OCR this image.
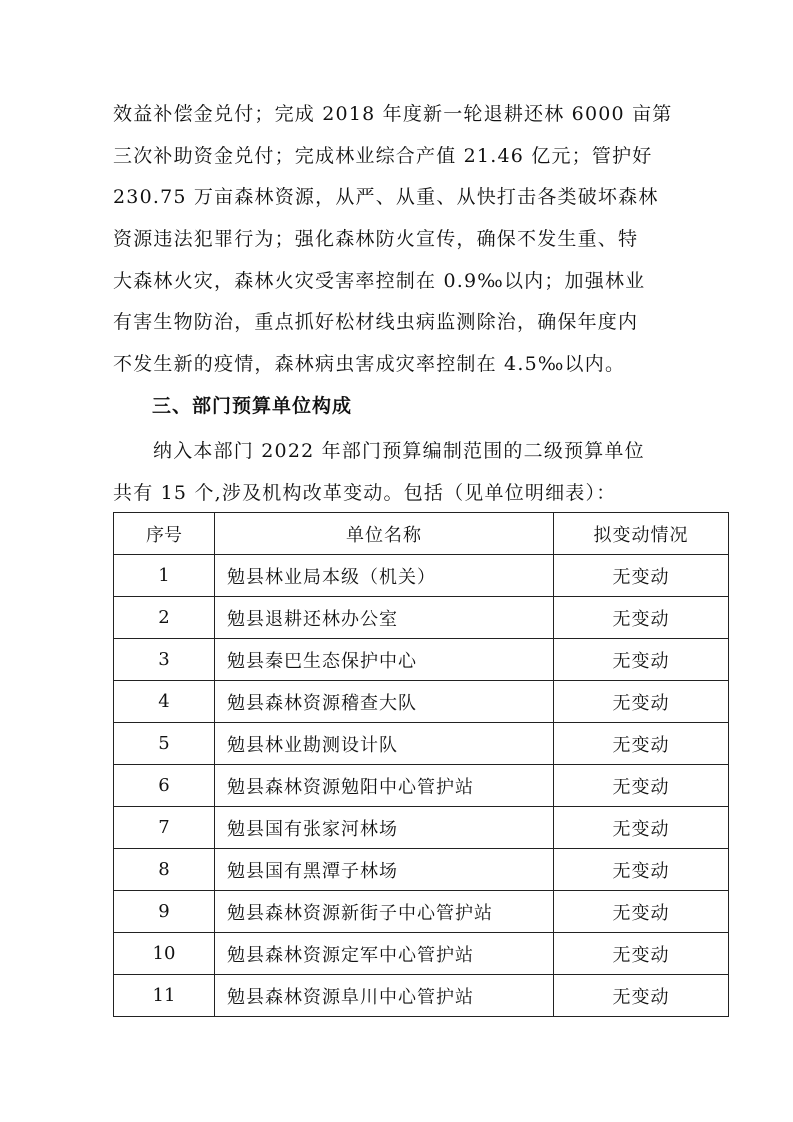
效益补偿金兑付；完成 2018 年度新一轮退耕还林 6000 亩第
三次补助资金兑付；完成林业综合产值 21.46 亿元；管护好
230.75 万亩森林资源，从严、从重、从快打击各类破坏森林
资源违法犯罪行为；强化森林防火宣传，确保不发生重、特
大森林火灾，森林火灾受害率控制在 0.9‰以内；加强林业
有害生物防治，重点抓好松材线虫病监测除治，确保年度内
不发生新的疫情，森林病虫害成灾率控制在 4.5‰以内。
三、部门预算单位构成
纳入本部门 2022 年部门预算编制范围的二级预算单位
共有 15 个,涉及机构改革变动。包括（见单位明细表）：
序号	单位名称	拟变动情况
1	勉县林业局本级（机关）	无变动
2	勉县退耕还林办公室	无变动
3	勉县秦巴生态保护中心	无变动
4	勉县森林资源稽查大队	无变动
5	勉县林业勘测设计队	无变动
6	勉县森林资源勉阳中心管护站	无变动
7	勉县国有张家河林场	无变动
8	勉县国有黑潭子林场	无变动
9	勉县森林资源新街子中心管护站	无变动
10	勉县森林资源定军中心管护站	无变动
11	勉县森林资源阜川中心管护站	无变动
